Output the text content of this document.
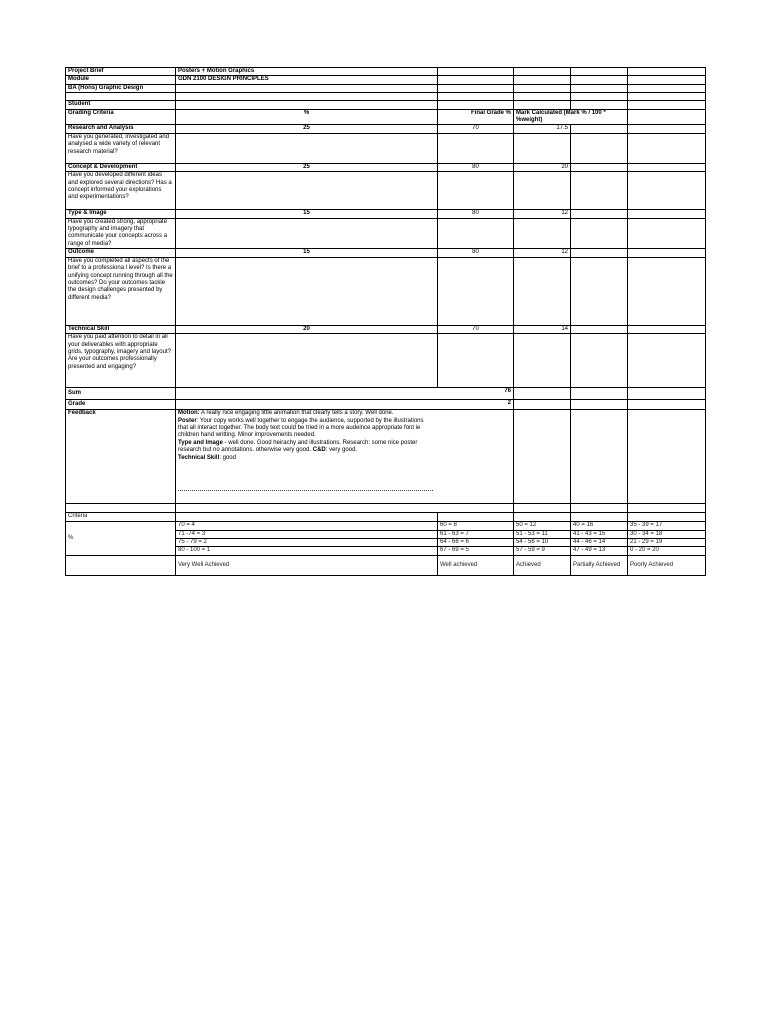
Project Brief	Posters + Motion Graphics				
Module	GDN 2100 DESIGN PRINCIPLES				
BA (Hons) Graphic Design					

Student					
Grading Criteria	%	Final Grade %	Mark Calculated (Mark % / 100 * %weight)		
Research and Analysis	25	70	17.5		
Have you generated, investigated and analysed a wide variety of relevant research material?					
Concept & Development	25	80	20		
Have you developed different ideas and explored several directions? Has a concept informed your explorations and experimentations?					
Type & Image	15	80	12		
Have you created strong, appropriate typography and imagery that communicate your concepts across a range of media?					
Outcome	15	80	12		
Have you completed all aspects of the brief to a professiona l level? Is there a unifying concept running through all the outcomes? Do your outcomes tackle the design challenges presented by different media?					
Technical Skill	20	70	14		
Have you paid attention to detail in all your deliverables with appropriate grids, typography, imagery and layout? Are your outcomes professionally presented and engaging?					
Sum	76				
Grade	2				
Feedback	Motion: A really nice engaging little animation that clearly tells a story. Well done.
Poster: Your copy works well together to engage the audience, supported by the illustrations that all interact together. The body text could be tried in a more audeince appropriate font ie children hand writting. Minor improvements needed.
Type and Image - well done. Good heirachy and illustrations. Research: some nice poster research but no annotations. otherwise very good. C&D: very good.
Technical Skill: good				

Criteria					
%	70 = 4	60 = 8	50 = 12	40 = 16	35 - 39 = 17
	71 -74 = 3	61 - 63 = 7	51 - 53 = 11	41 - 43 = 15	30 - 34 = 18
	75 - 79 = 2	64 - 66 = 6	54 - 56 = 10	44 - 46 = 14	21 - 29 = 19
	80 - 100 = 1	67 - 69 = 5	57 - 59 = 9	47 - 49 = 13	0 - 20 = 20
	Very Well Achieved	Well achieved	Achieved	Partially Achieved	Poorly Achieved
